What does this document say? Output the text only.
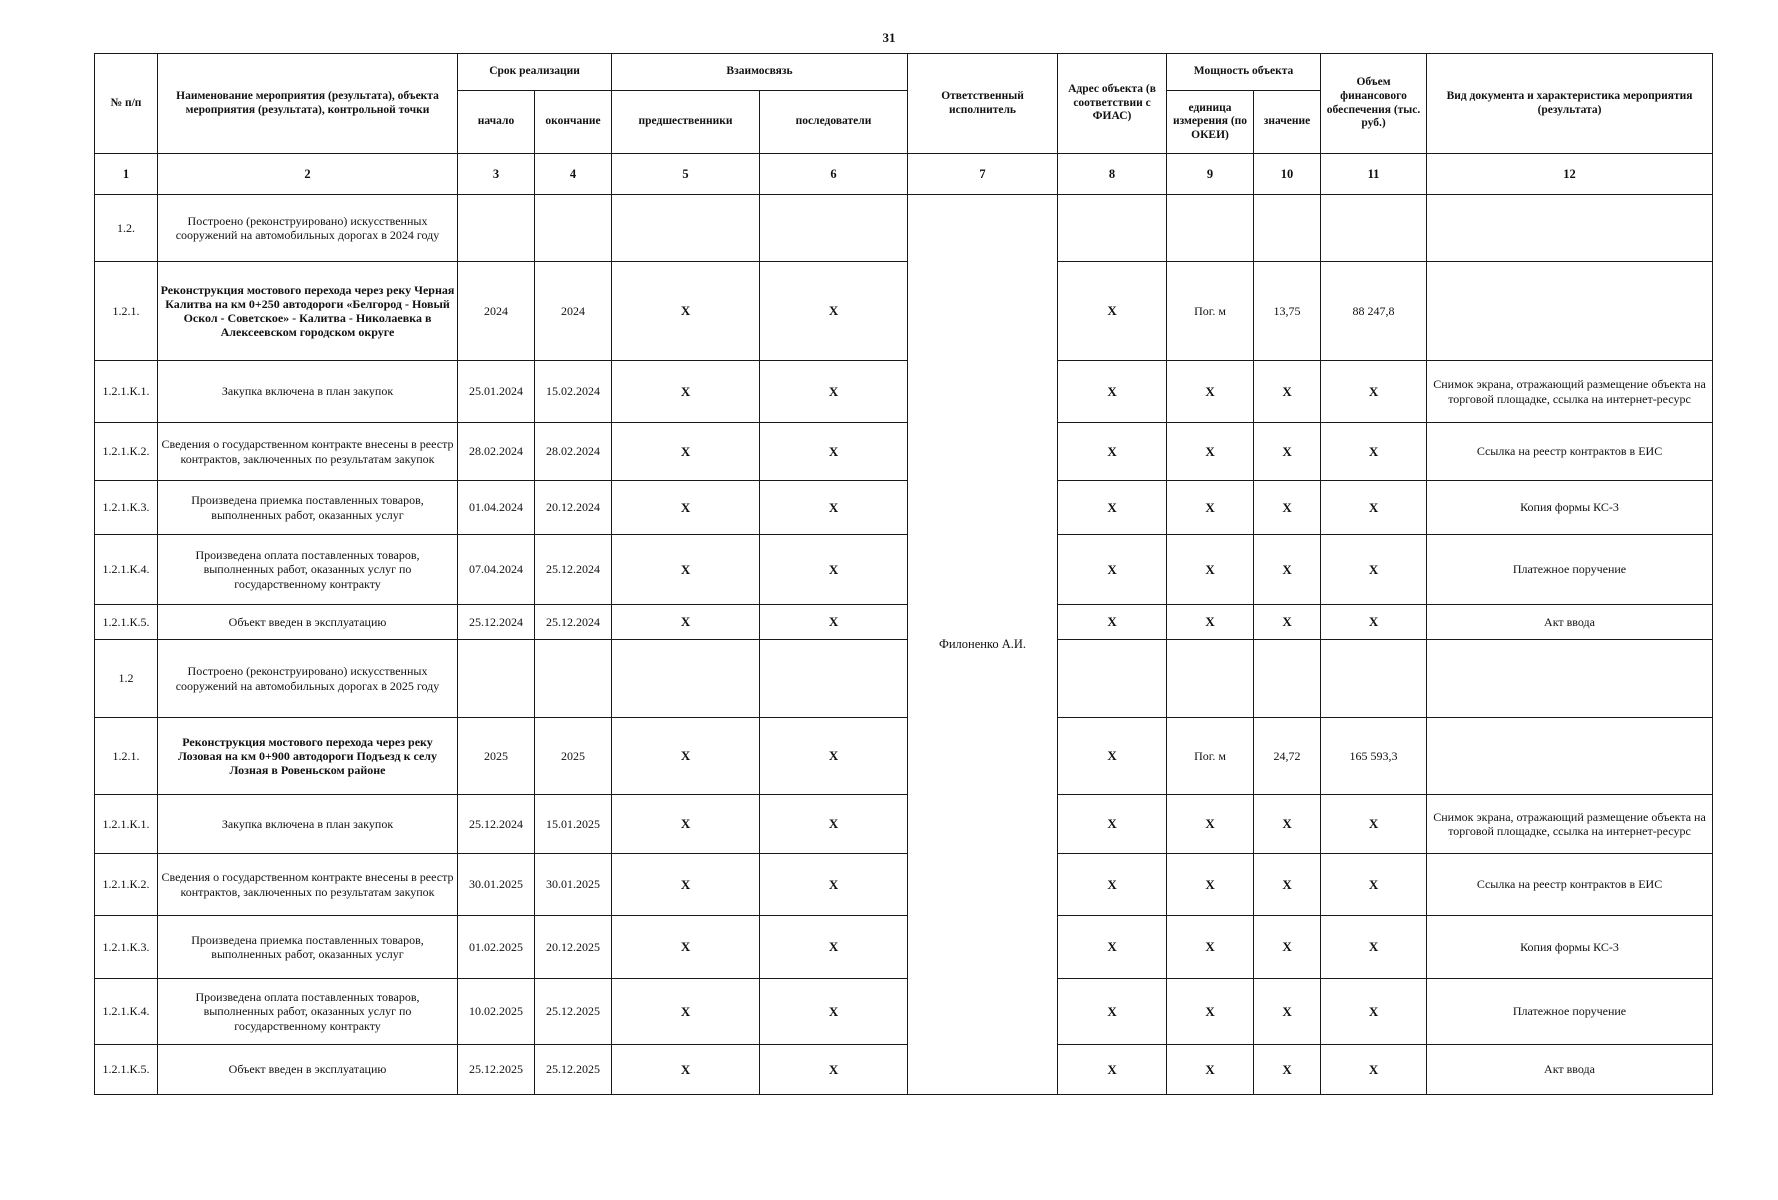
31
№ п/п	Наименование мероприятия (результата), объекта мероприятия (результата), контрольной точки	Срок реализации		Взаимосвязь		Ответственный исполнитель	Адрес объекта (в соответствии с ФИАС)	Мощность объекта		Объем финансового обеспечения (тыс. руб.)	Вид документа и характеристика мероприятия (результата)
		начало	окончание	предшественники	последователи			единица измерения (по ОКЕИ)	значение		
1	2	3	4	5	6	7	8	9	10	11	12
1.2.	Построено (реконструировано) искусственных сооружений на автомобильных дорогах в 2024 году					Филоненко А.И.					
1.2.1.	Реконструкция мостового перехода через реку Черная Калитва на км 0+250 автодороги «Белгород - Новый Оскол - Советское» - Калитва - Николаевка в Алексеевском городском округе	2024	2024	Х	Х		Х	Пог. м	13,75	88 247,8	
1.2.1.К.1.	Закупка включена в план закупок	25.01.2024	15.02.2024	Х	Х		Х	Х	Х	Х	Снимок экрана, отражающий размещение объекта на торговой площадке, ссылка на интернет-ресурс
1.2.1.К.2.	Сведения о государственном контракте внесены в реестр контрактов, заключенных по результатам закупок	28.02.2024	28.02.2024	Х	Х		Х	Х	Х	Х	Ссылка на реестр контрактов в ЕИС
1.2.1.К.3.	Произведена приемка поставленных товаров, выполненных работ, оказанных услуг	01.04.2024	20.12.2024	Х	Х		Х	Х	Х	Х	Копия формы КС-3
1.2.1.К.4.	Произведена оплата поставленных товаров, выполненных работ, оказанных услуг по государственному контракту	07.04.2024	25.12.2024	Х	Х		Х	Х	Х	Х	Платежное поручение
1.2.1.К.5.	Объект введен в эксплуатацию	25.12.2024	25.12.2024	Х	Х		Х	Х	Х	Х	Акт ввода
1.2	Построено (реконструировано) искусственных сооружений на автомобильных дорогах в 2025 году										
1.2.1.	Реконструкция мостового перехода через реку Лозовая на км 0+900 автодороги Подъезд к селу Лозная в Ровеньском районе	2025	2025	Х	Х		Х	Пог. м	24,72	165 593,3	
1.2.1.К.1.	Закупка включена в план закупок	25.12.2024	15.01.2025	Х	Х		Х	Х	Х	Х	Снимок экрана, отражающий размещение объекта на торговой площадке, ссылка на интернет-ресурс
1.2.1.К.2.	Сведения о государственном контракте внесены в реестр контрактов, заключенных по результатам закупок	30.01.2025	30.01.2025	Х	Х		Х	Х	Х	Х	Ссылка на реестр контрактов в ЕИС
1.2.1.К.3.	Произведена приемка поставленных товаров, выполненных работ, оказанных услуг	01.02.2025	20.12.2025	Х	Х		Х	Х	Х	Х	Копия формы КС-3
1.2.1.К.4.	Произведена оплата поставленных товаров, выполненных работ, оказанных услуг по государственному контракту	10.02.2025	25.12.2025	Х	Х		Х	Х	Х	Х	Платежное поручение
1.2.1.К.5.	Объект введен в эксплуатацию	25.12.2025	25.12.2025	Х	Х		Х	Х	Х	Х	Акт ввода
